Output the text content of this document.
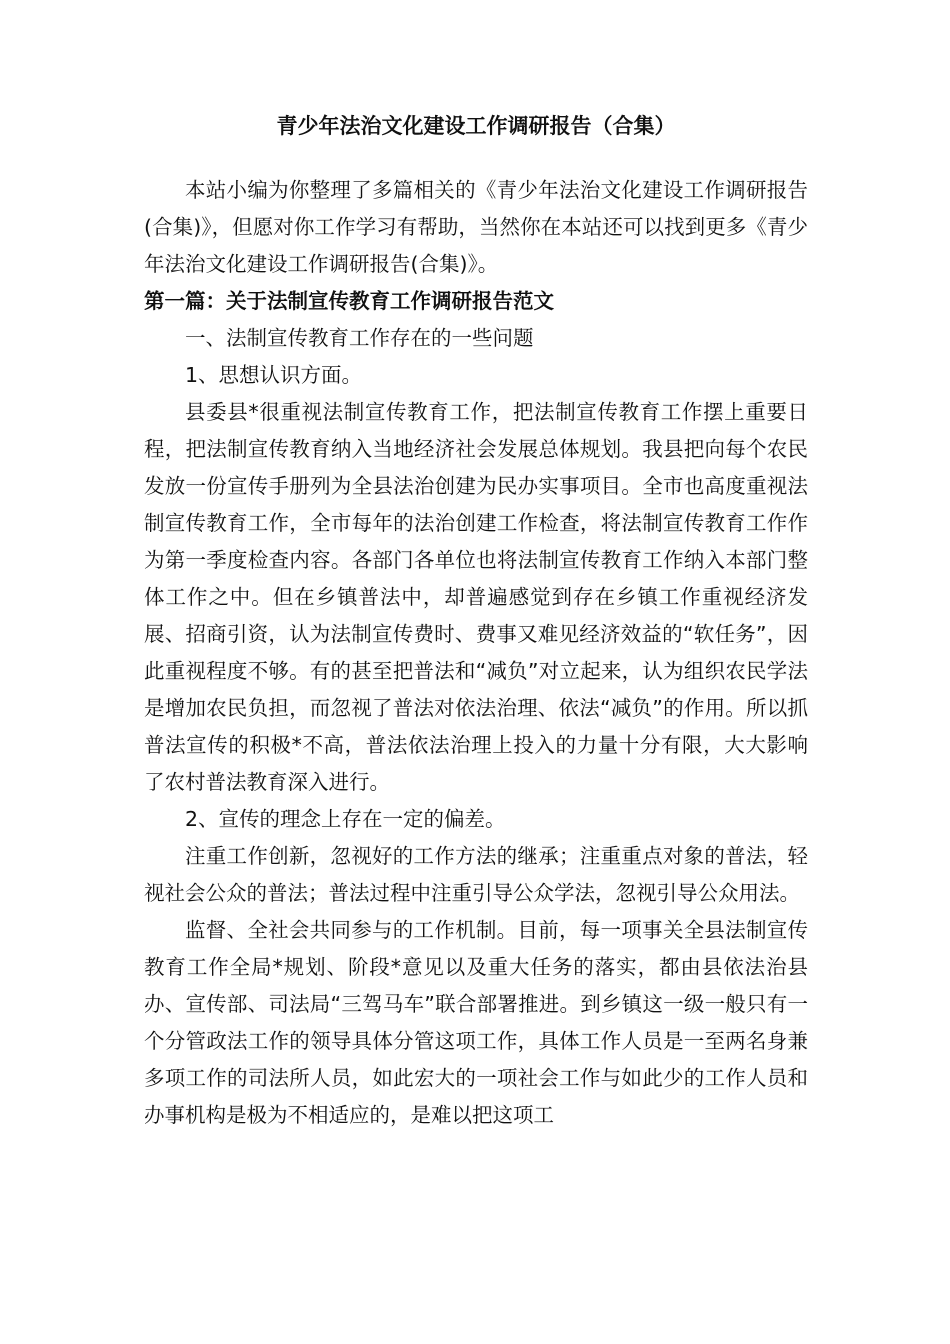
青少年法治文化建设工作调研报告（合集）

本站小编为你整理了多篇相关的《青少年法治文化建设工作调研报告(合集)》，但愿对你工作学习有帮助，当然你在本站还可以找到更多《青少年法治文化建设工作调研报告(合集)》。

第一篇：关于法制宣传教育工作调研报告范文

一、法制宣传教育工作存在的一些问题

1、思想认识方面。

县委县*很重视法制宣传教育工作，把法制宣传教育工作摆上重要日程，把法制宣传教育纳入当地经济社会发展总体规划。我县把向每个农民发放一份宣传手册列为全县法治创建为民办实事项目。全市也高度重视法制宣传教育工作，全市每年的法治创建工作检查，将法制宣传教育工作作为第一季度检查内容。各部门各单位也将法制宣传教育工作纳入本部门整体工作之中。但在乡镇普法中，却普遍感觉到存在乡镇工作重视经济发展、招商引资，认为法制宣传费时、费事又难见经济效益的“软任务”，因此重视程度不够。有的甚至把普法和“减负”对立起来，认为组织农民学法是增加农民负担，而忽视了普法对依法治理、依法“减负”的作用。所以抓普法宣传的积极*不高，普法依法治理上投入的力量十分有限，大大影响了农村普法教育深入进行。

2、宣传的理念上存在一定的偏差。

注重工作创新，忽视好的工作方法的继承；注重重点对象的普法，轻视社会公众的普法；普法过程中注重引导公众学法，忽视引导公众用法。

监督、全社会共同参与的工作机制。目前，每一项事关全县法制宣传教育工作全局*规划、阶段*意见以及重大任务的落实，都由县依法治县办、宣传部、司法局“三驾马车”联合部署推进。到乡镇这一级一般只有一个分管政法工作的领导具体分管这项工作，具体工作人员是一至两名身兼多项工作的司法所人员，如此宏大的一项社会工作与如此少的工作人员和办事机构是极为不相适应的，是难以把这项工
